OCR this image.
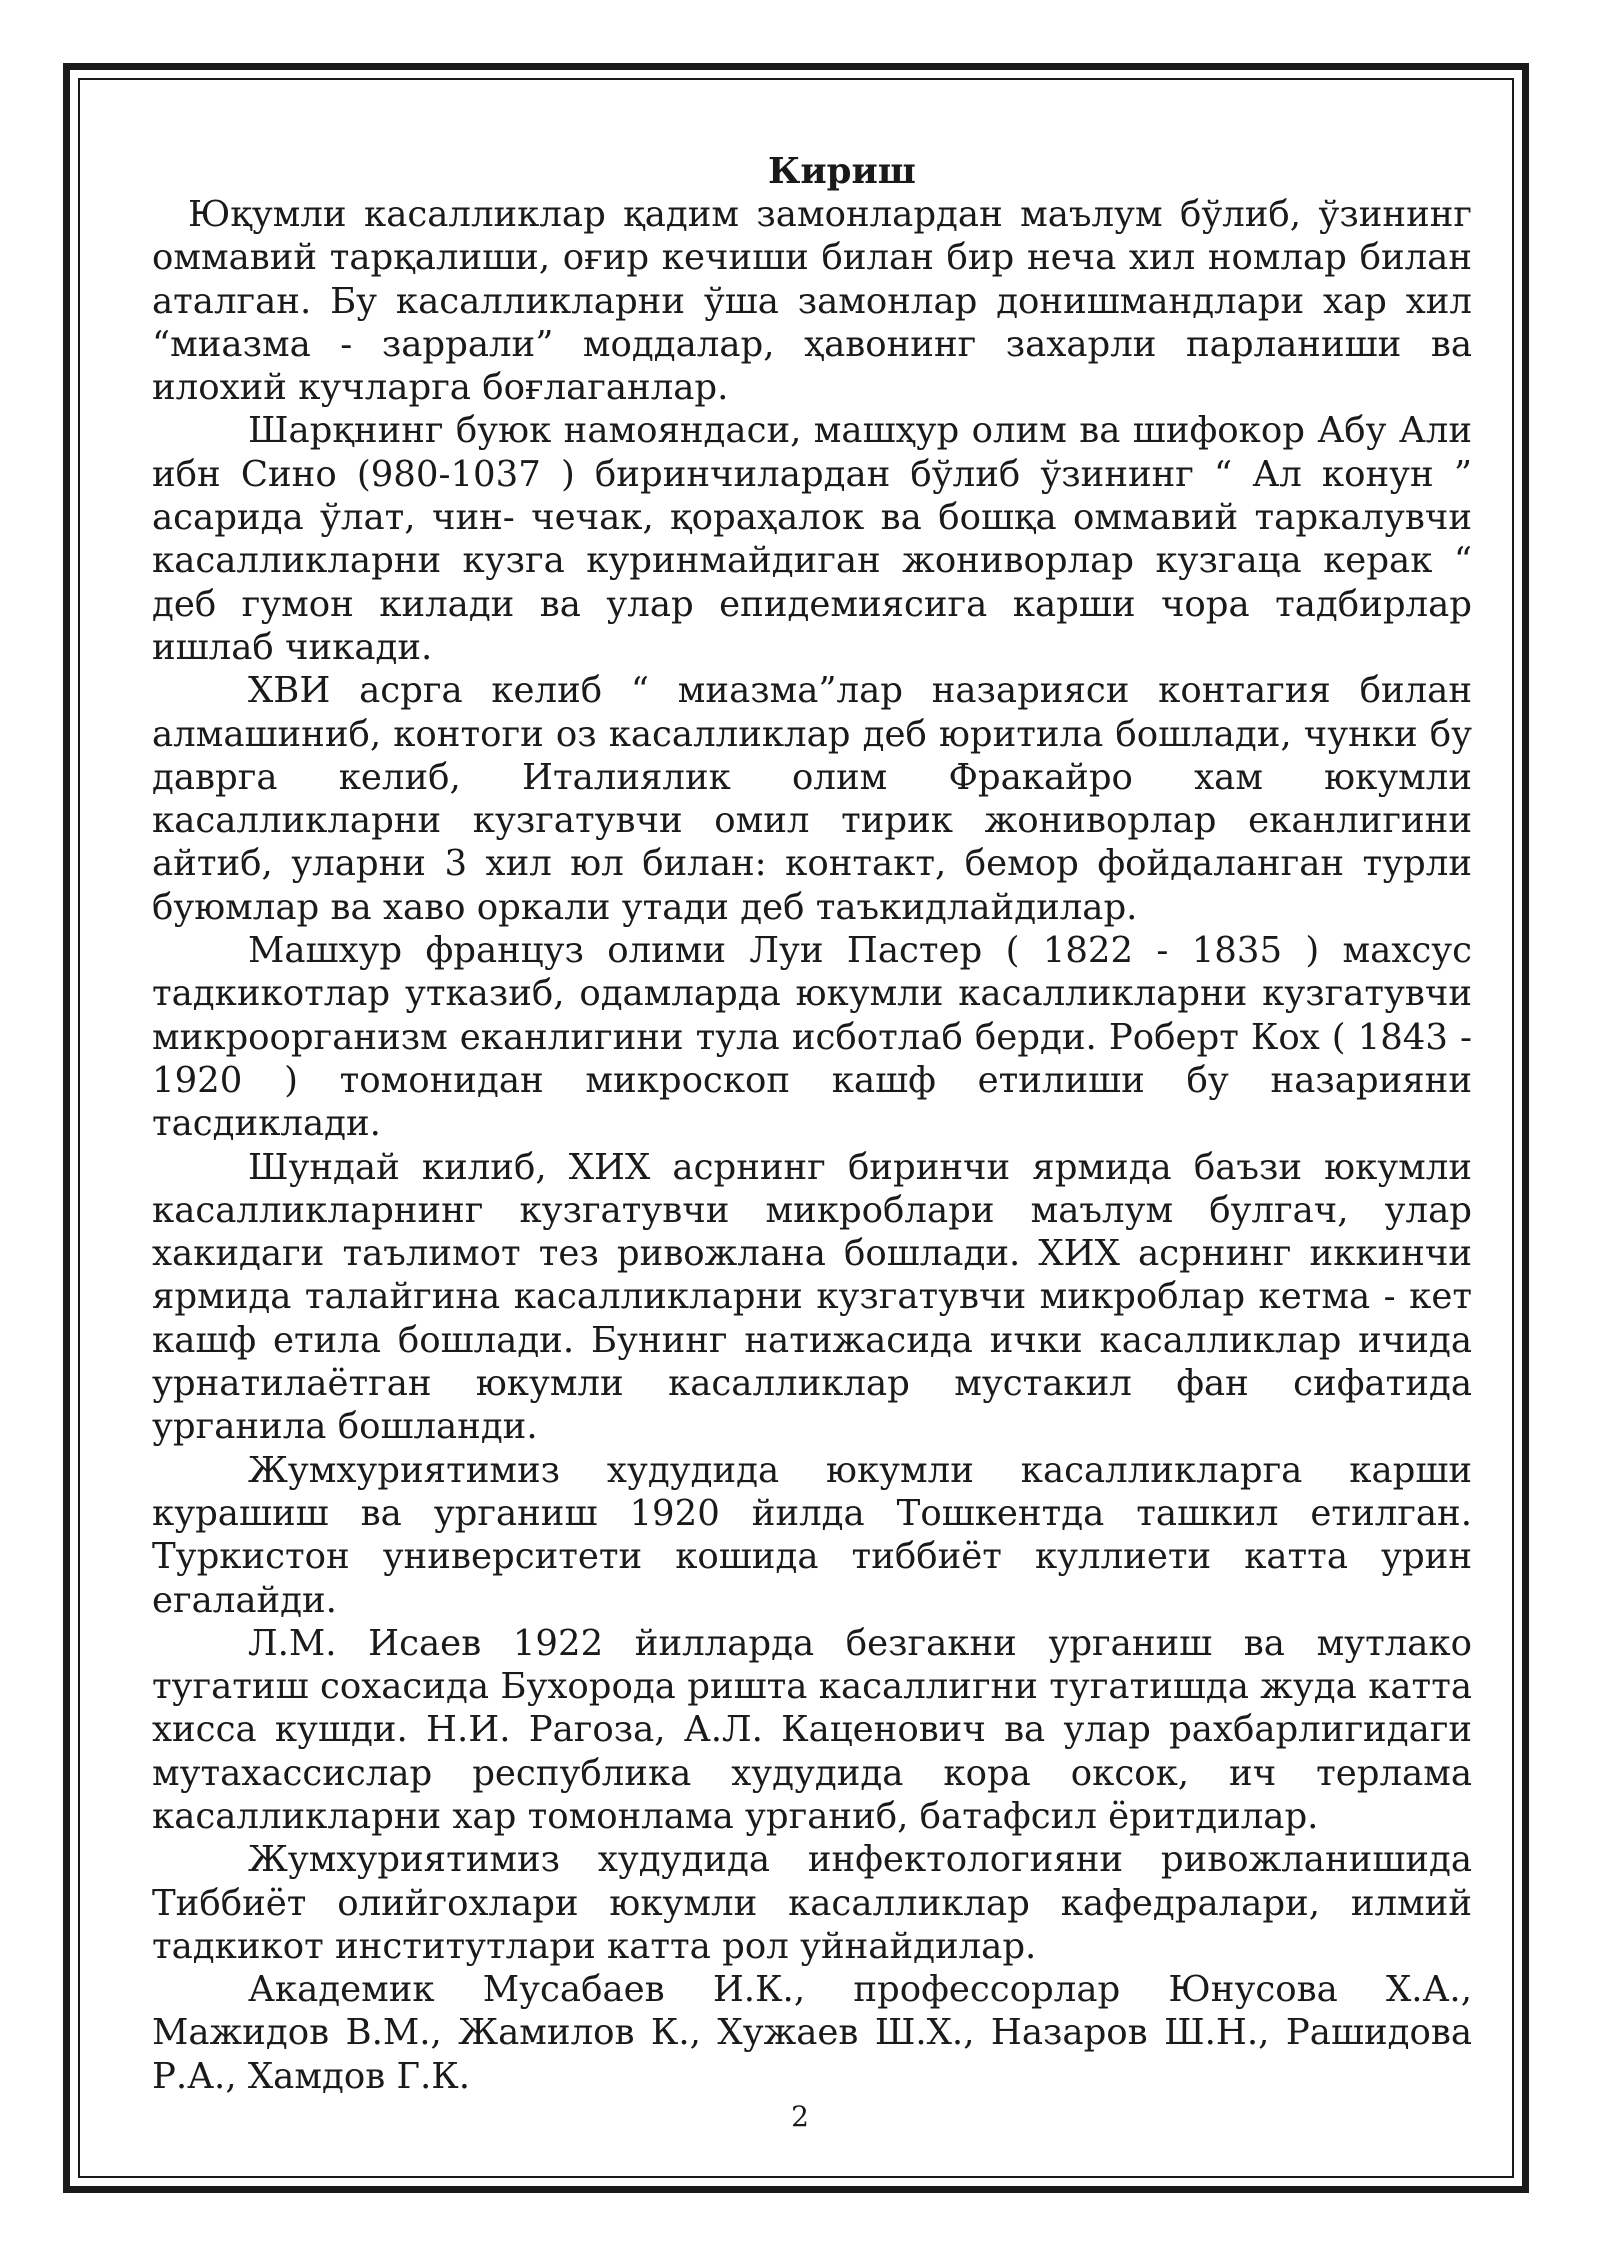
Кириш

Юқумли касалликлар қадим замонлардан маълум бўлиб, ўзининг оммавий тарқалиши, оғир кечиши билан бир неча хил номлар билан аталган. Бу касалликларни ўша замонлар донишмандлари хар хил “миазма - заррали” моддалар, ҳавонинг захарли парланиши ва илохий кучларга боғлаганлар.

Шарқнинг буюк намояндаси, машҳур олим ва шифокор Абу Али ибн Сино (980-1037 ) биринчилардан бўлиб ўзининг “ Ал конун ” асарида ўлат, чин- чечак, қораҳалок ва бошқа оммавий таркалувчи касалликларни кузга куринмайдиган жониворлар кузгаца керак “ деб гумон килади ва улар епидемиясига карши чора тадбирлар ишлаб чикади.

ХВИ асрга келиб “ миазма”лар назарияси контагия билан алмашиниб, контоги оз касалликлар деб юритила бошлади, чунки бу даврга келиб, Италиялик олим Фракайро хам юкумли касалликларни кузгатувчи омил тирик жониворлар еканлигини айтиб, уларни 3 хил юл билан: контакт, бемор фойдаланган турли буюмлар ва хаво оркали утади деб таъкидлайдилар.

Машхур француз олими Луи Пастер ( 1822 - 1835 ) махсус тадкикотлар утказиб, одамларда юкумли касалликларни кузгатувчи микроорганизм еканлигини тула исботлаб берди. Роберт Кох ( 1843 - 1920 ) томонидан микроскоп кашф етилиши бу назарияни тасдиклади.

Шундай килиб, ХИХ асрнинг биринчи ярмида баъзи юкумли касалликларнинг кузгатувчи микроблари маълум булгач, улар хакидаги таълимот тез ривожлана бошлади. ХИХ асрнинг иккинчи ярмида талайгина касалликларни кузгатувчи микроблар кетма - кет кашф етила бошлади. Бунинг натижасида ички касалликлар ичида урнатилаётган юкумли касалликлар мустакил фан сифатида урганила бошланди.

Жумхуриятимиз худудида юкумли касалликларга карши курашиш ва урганиш 1920 йилда Тошкентда ташкил етилган. Туркистон университети кошида тиббиёт куллиети катта урин егалайди.

Л.М. Исаев 1922 йилларда безгакни урганиш ва мутлако тугатиш сохасида Бухорода ришта касаллигни тугатишда жуда катта хисса кушди. Н.И. Рагоза, А.Л. Каценович ва улар рахбарлигидаги мутахассислар республика худудида кора оксок, ич терлама касалликларни хар томонлама урганиб, батафсил ёритдилар.

Жумхуриятимиз худудида инфектологияни ривожланишида Тиббиёт олийгохлари юкумли касалликлар кафедралари, илмий тадкикот институтлари катта рол уйнайдилар.

Академик Мусабаев И.К., профессорлар Юнусова Х.А., Мажидов В.М., Жамилов К., Хужаев Ш.Х., Назаров Ш.Н., Рашидова Р.А., Хамдов Г.К.

2
